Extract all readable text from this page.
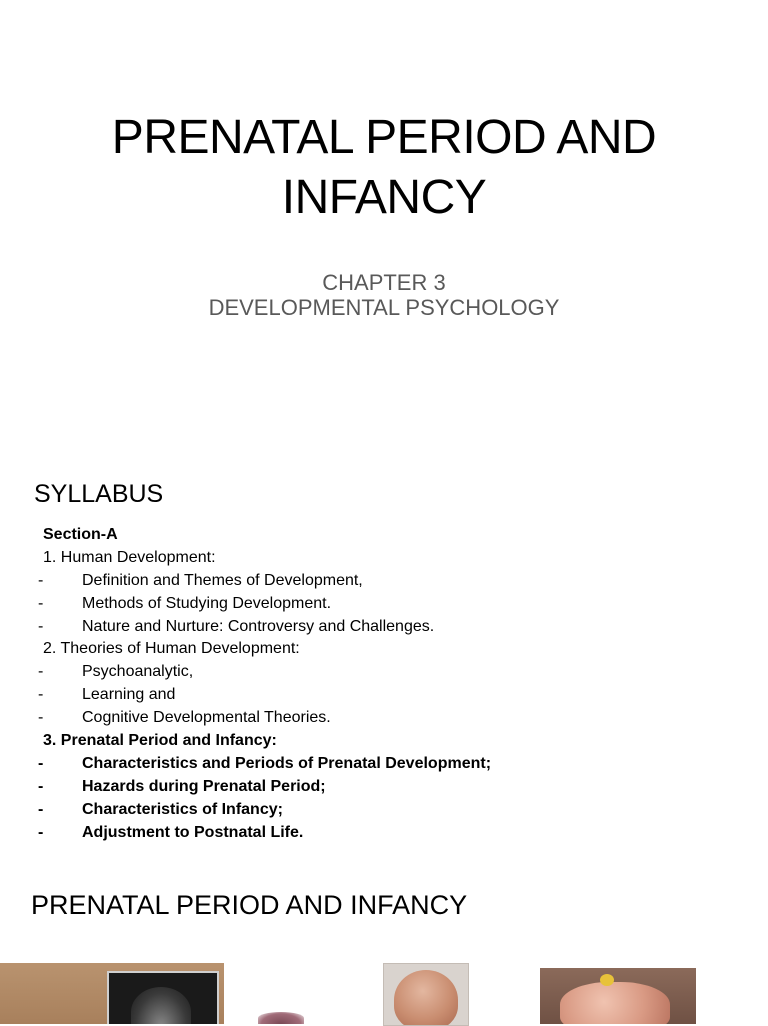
PRENATAL PERIOD AND
INFANCY
CHAPTER 3
DEVELOPMENTAL PSYCHOLOGY
SYLLABUS
Section-A
1. Human Development:
- Definition and Themes of Development,
- Methods of Studying Development.
- Nature and Nurture: Controversy and Challenges.
2. Theories of Human Development:
- Psychoanalytic,
- Learning and
- Cognitive Developmental Theories.
3. Prenatal Period and Infancy:
- Characteristics and Periods of Prenatal Development;
- Hazards during Prenatal Period;
- Characteristics of Infancy;
- Adjustment to Postnatal Life.
PRENATAL PERIOD AND INFANCY
